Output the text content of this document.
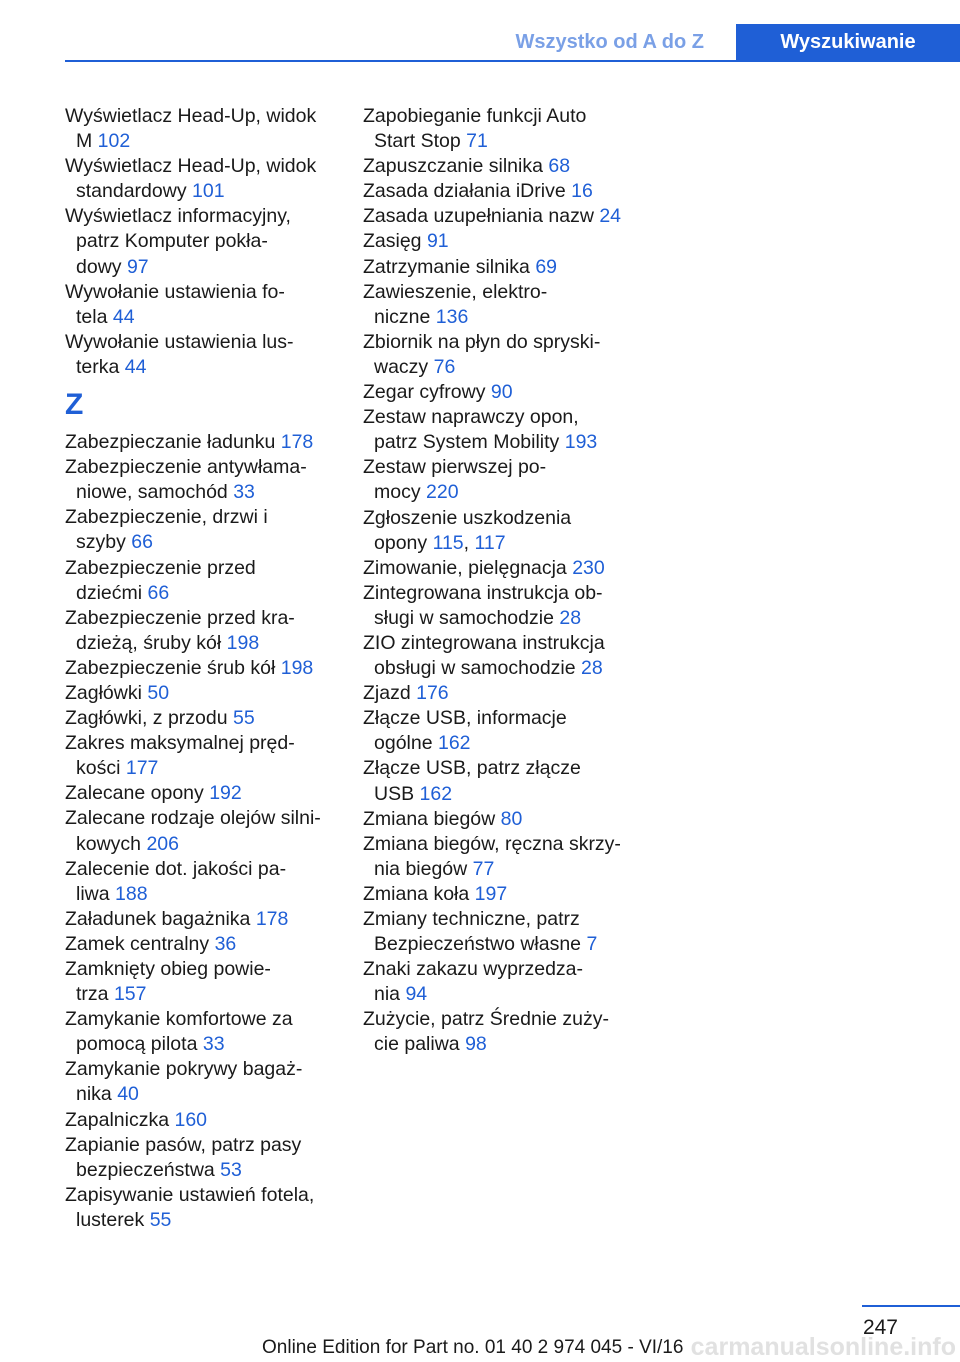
Wszystko od A do Z	Wyszukiwanie

Wyświetlacz Head-Up, widok
M 102

Wyświetlacz Head-Up, widok
standardowy 101

Wyświetlacz informacyjny,
patrz Komputer pokła‐
dowy 97

Wywołanie ustawienia fo‐
tela 44

Wywołanie ustawienia lus‐
terka 44

Z

Zabezpieczanie ładunku 178

Zabezpieczenie antywłama‐
niowe, samochód 33

Zabezpieczenie, drzwi i
szyby 66

Zabezpieczenie przed
dziećmi 66

Zabezpieczenie przed kra‐
dzieżą, śruby kół 198

Zabezpieczenie śrub kół 198

Zagłówki 50

Zagłówki, z przodu 55

Zakres maksymalnej pręd‐
kości 177

Zalecane opony 192

Zalecane rodzaje olejów silni‐
kowych 206

Zalecenie dot. jakości pa‐
liwa 188

Załadunek bagażnika 178

Zamek centralny 36

Zamknięty obieg powie‐
trza 157

Zamykanie komfortowe za
pomocą pilota 33

Zamykanie pokrywy bagaż‐
nika 40

Zapalniczka 160

Zapianie pasów, patrz pasy
bezpieczeństwa 53

Zapisywanie ustawień fotela,
lusterek 55

Zapobieganie funkcji Auto
Start Stop 71

Zapuszczanie silnika 68

Zasada działania iDrive 16

Zasada uzupełniania nazw 24

Zasięg 91

Zatrzymanie silnika 69

Zawieszenie, elektro‐
niczne 136

Zbiornik na płyn do spryski‐
waczy 76

Zegar cyfrowy 90

Zestaw naprawczy opon,
patrz System Mobility 193

Zestaw pierwszej po‐
mocy 220

Zgłoszenie uszkodzenia
opony 115, 117

Zimowanie, pielęgnacja 230

Zintegrowana instrukcja ob‐
sługi w samochodzie 28

ZIO zintegrowana instrukcja
obsługi w samochodzie 28

Zjazd 176

Złącze USB, informacje
ogólne 162

Złącze USB, patrz złącze
USB 162

Zmiana biegów 80

Zmiana biegów, ręczna skrzy‐
nia biegów 77

Zmiana koła 197

Zmiany techniczne, patrz
Bezpieczeństwo własne 7

Znaki zakazu wyprzedza‐
nia 94

Zużycie, patrz Średnie zuży‐
cie paliwa 98

247
Online Edition for Part no. 01 40 2 974 045 - VI/16 carmanualsonline.info
